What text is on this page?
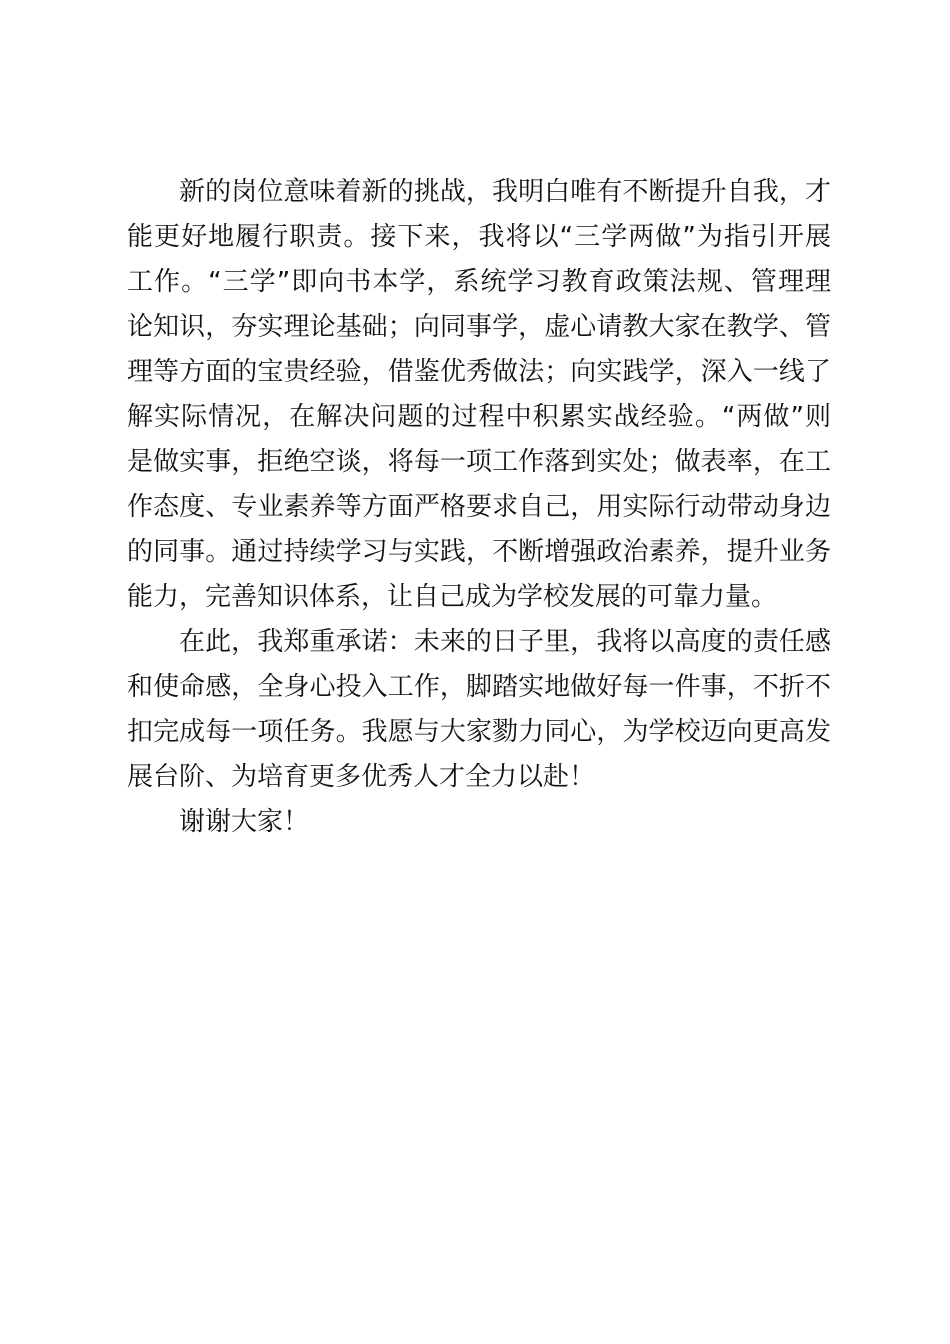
新的岗位意味着新的挑战，我明白唯有不断提升自我，才
能更好地履行职责。接下来，我将以“三学两做”为指引开展
工作。“三学”即向书本学，系统学习教育政策法规、管理理
论知识，夯实理论基础；向同事学，虚心请教大家在教学、管
理等方面的宝贵经验，借鉴优秀做法；向实践学，深入一线了
解实际情况，在解决问题的过程中积累实战经验。“两做”则
是做实事，拒绝空谈，将每一项工作落到实处；做表率，在工
作态度、专业素养等方面严格要求自己，用实际行动带动身边
的同事。通过持续学习与实践，不断增强政治素养，提升业务
能力，完善知识体系，让自己成为学校发展的可靠力量。
在此，我郑重承诺：未来的日子里，我将以高度的责任感
和使命感，全身心投入工作，脚踏实地做好每一件事，不折不
扣完成每一项任务。我愿与大家勠力同心，为学校迈向更高发
展台阶、为培育更多优秀人才全力以赴！
谢谢大家！
